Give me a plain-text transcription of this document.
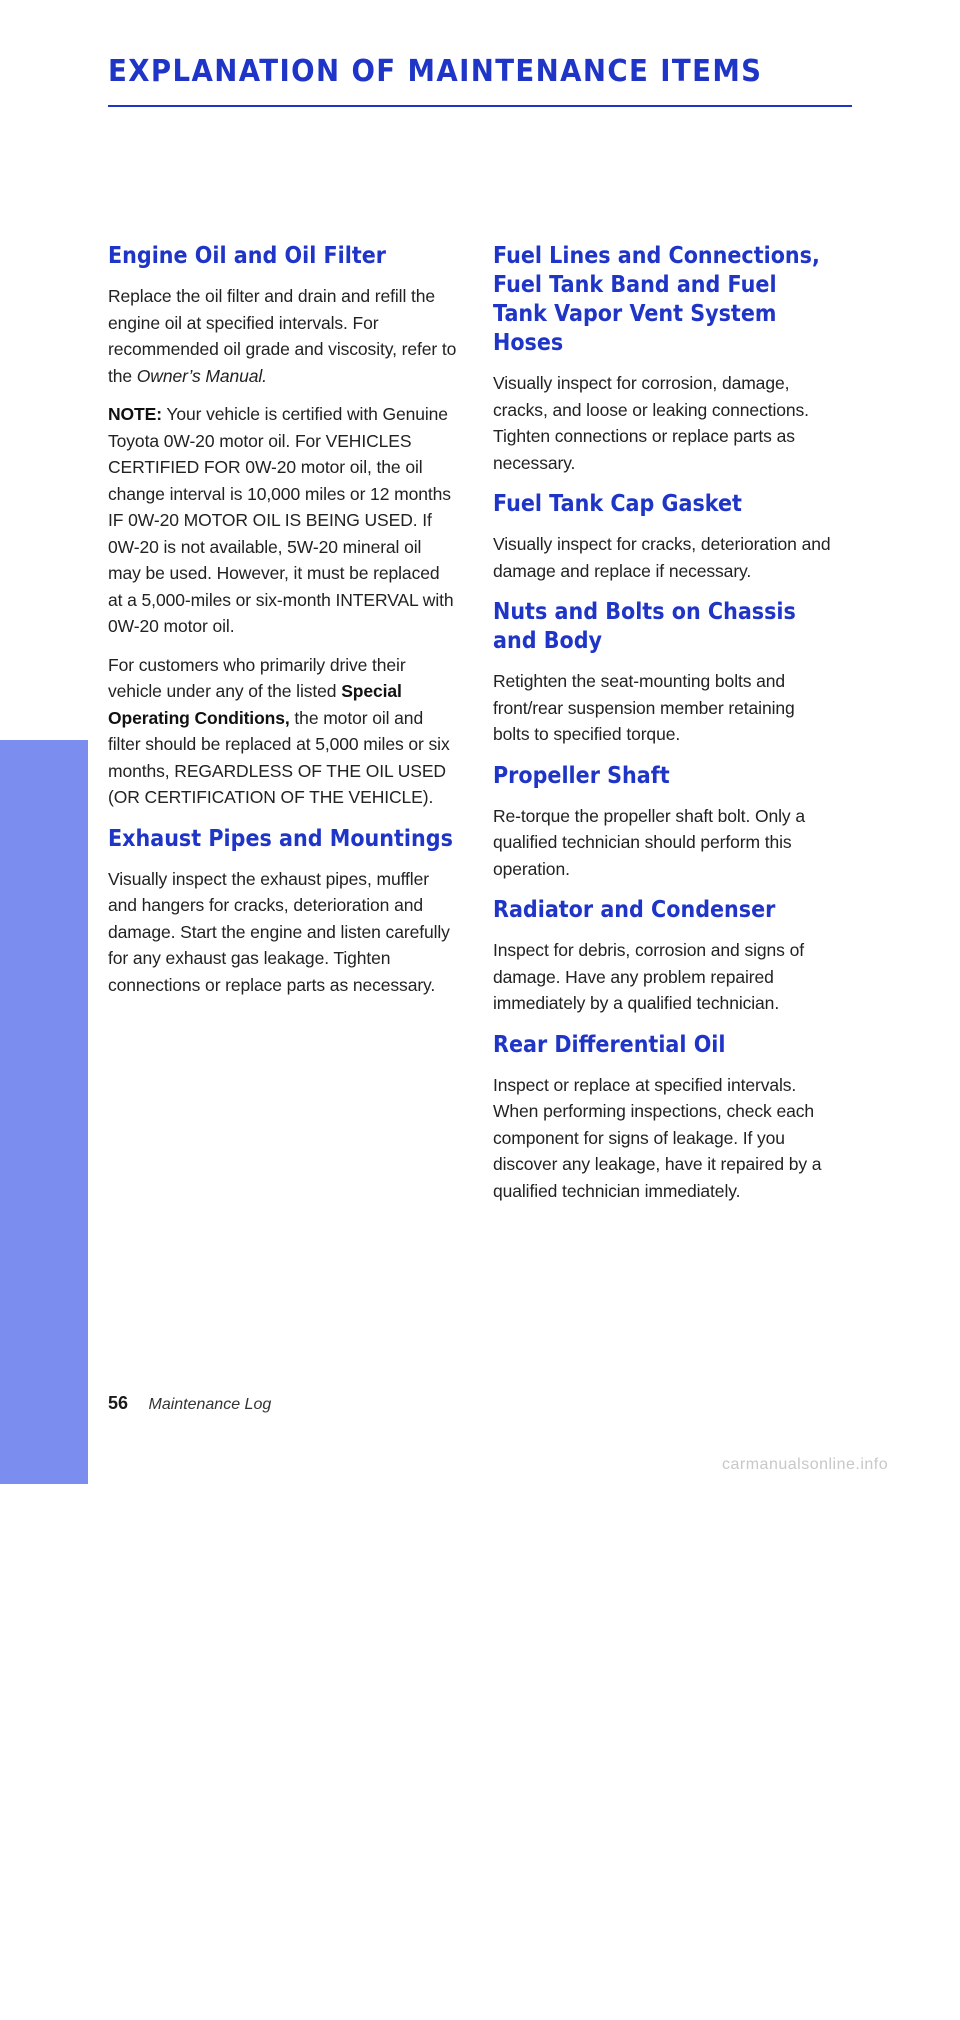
EXPLANATION OF MAINTENANCE ITEMS
MAINTENANCE
Engine Oil and Oil Filter

Replace the oil filter and drain and refill the engine oil at specified intervals. For recommended oil grade and viscosity, refer to the Owner’s Manual.

NOTE: Your vehicle is certified with Genuine Toyota 0W-20 motor oil. For VEHICLES CERTIFIED FOR 0W-20 motor oil, the oil change interval is 10,000 miles or 12 months IF 0W-20 MOTOR OIL IS BEING USED. If 0W-20 is not available, 5W-20 mineral oil may be used. However, it must be replaced at a 5,000-miles or six-month INTERVAL with 0W-20 motor oil.

For customers who primarily drive their vehicle under any of the listed Special Operating Conditions, the motor oil and filter should be replaced at 5,000 miles or six months, REGARDLESS OF THE OIL USED (OR CERTIFICATION OF THE VEHICLE).

Exhaust Pipes and Mountings

Visually inspect the exhaust pipes, muffler and hangers for cracks, deterioration and damage. Start the engine and listen carefully for any exhaust gas leakage. Tighten connections or replace parts as necessary.

Fuel Lines and Connections, Fuel Tank Band and Fuel Tank Vapor Vent System Hoses

Visually inspect for corrosion, damage, cracks, and loose or leaking connections. Tighten connections or replace parts as necessary.

Fuel Tank Cap Gasket

Visually inspect for cracks, deterioration and damage and replace if necessary.

Nuts and Bolts on Chassis and Body

Retighten the seat-mounting bolts and front/rear suspension member retaining bolts to specified torque.

Propeller Shaft

Re-torque the propeller shaft bolt. Only a qualified technician should perform this operation.

Radiator and Condenser

Inspect for debris, corrosion and signs of damage. Have any problem repaired immediately by a qualified technician.

Rear Differential Oil

Inspect or replace at specified intervals. When performing inspections, check each component for signs of leakage. If you discover any leakage, have it repaired by a qualified technician immediately.

56 Maintenance Log
carmanualsonline.info
